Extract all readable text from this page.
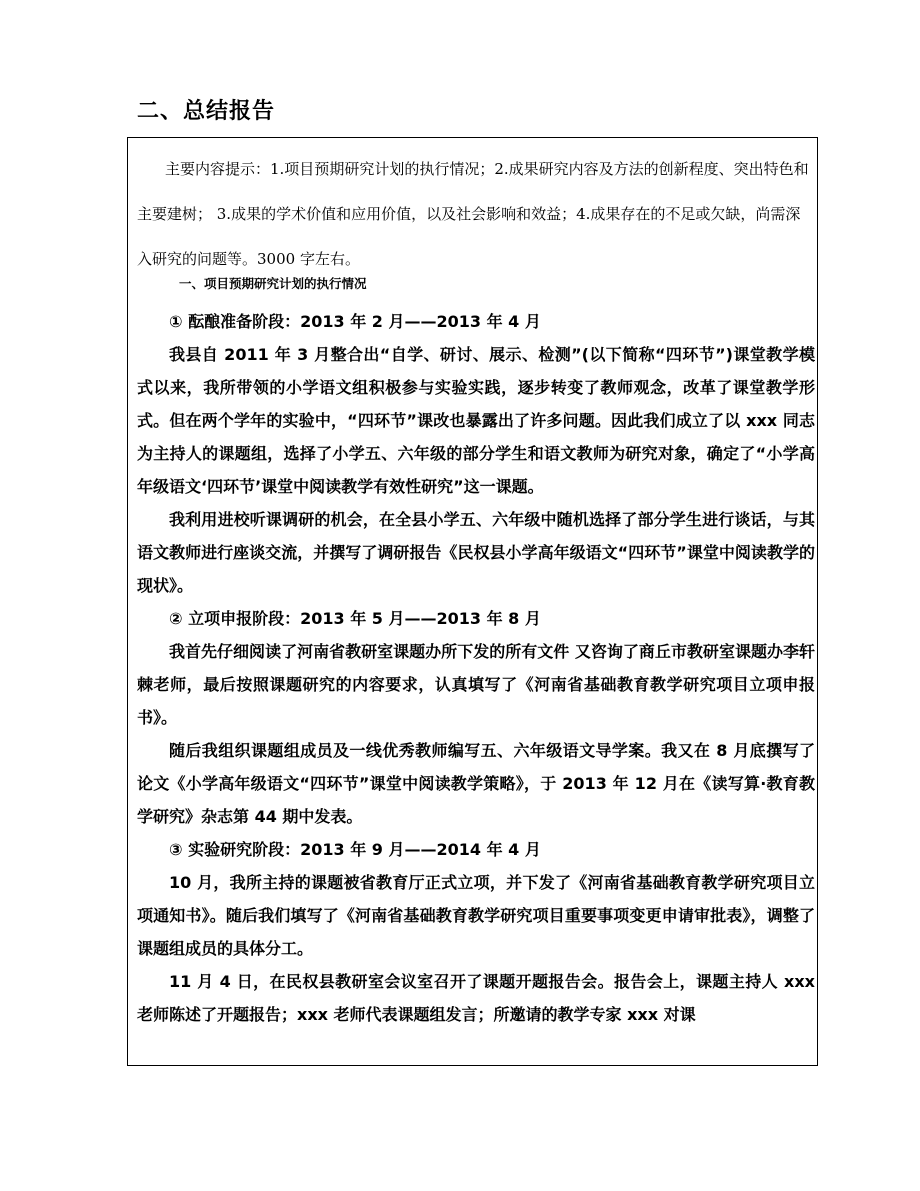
二、总结报告

主要内容提示：1.项目预期研究计划的执行情况；2.成果研究内容及方法的创新程度、突出特色和主要建树； 3.成果的学术价值和应用价值，以及社会影响和效益；4.成果存在的不足或欠缺，尚需深入研究的问题等。3000 字左右。

一、项目预期研究计划的执行情况

① 酝酿准备阶段：2013 年 2 月——2013 年 4 月

我县自 2011 年 3 月整合出“自学、研讨、展示、检测”(以下简称“四环节”)课堂教学模式以来，我所带领的小学语文组积极参与实验实践，逐步转变了教师观念，改革了课堂教学形式。但在两个学年的实验中，“四环节”课改也暴露出了许多问题。因此我们成立了以 xxx 同志为主持人的课题组，选择了小学五、六年级的部分学生和语文教师为研究对象，确定了“小学高年级语文‘四环节’课堂中阅读教学有效性研究”这一课题。

我利用进校听课调研的机会，在全县小学五、六年级中随机选择了部分学生进行谈话，与其语文教师进行座谈交流，并撰写了调研报告《民权县小学高年级语文“四环节”课堂中阅读教学的现状》。

② 立项申报阶段：2013 年 5 月——2013 年 8 月

我首先仔细阅读了河南省教研室课题办所下发的所有文件 又咨询了商丘市教研室课题办李轩棘老师，最后按照课题研究的内容要求，认真填写了《河南省基础教育教学研究项目立项申报书》。

随后我组织课题组成员及一线优秀教师编写五、六年级语文导学案。我又在 8 月底撰写了论文《小学高年级语文“四环节”课堂中阅读教学策略》，于 2013 年 12 月在《读写算·教育教学研究》杂志第 44 期中发表。

③ 实验研究阶段：2013 年 9 月——2014 年 4 月

10 月，我所主持的课题被省教育厅正式立项，并下发了《河南省基础教育教学研究项目立项通知书》。随后我们填写了《河南省基础教育教学研究项目重要事项变更申请审批表》，调整了课题组成员的具体分工。

11 月 4 日，在民权县教研室会议室召开了课题开题报告会。报告会上，课题主持人 xxx 老师陈述了开题报告；xxx 老师代表课题组发言；所邀请的教学专家 xxx 对课
